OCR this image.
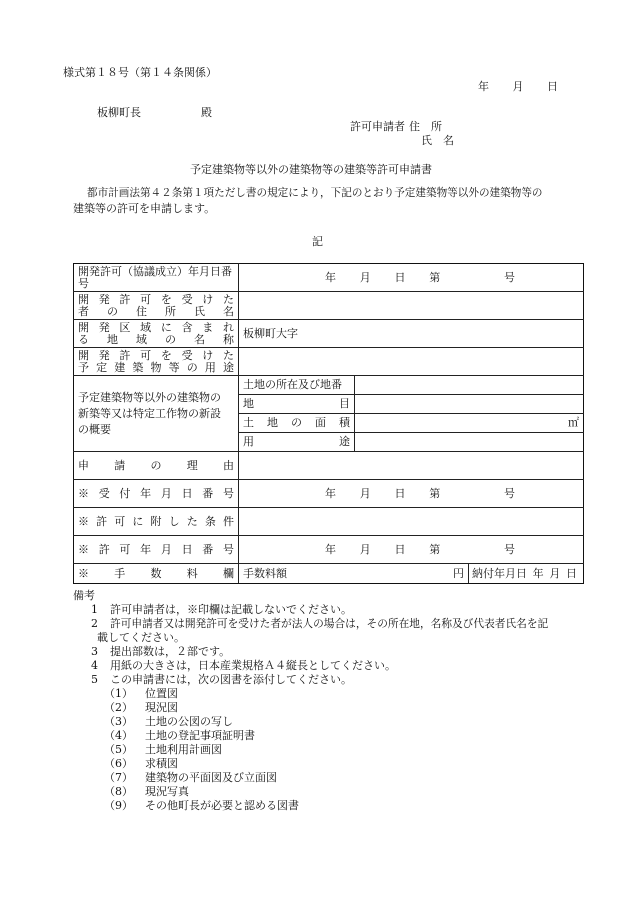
様式第１８号（第１４条関係）
年 月 日
板柳町長	殿
許可申請者 住　所
氏　名
予定建築物等以外の建築物等の建築等許可申請書
都市計画法第４２条第１項ただし書の規定により，下記のとおり予定建築物等以外の建築物等の
建築等の許可を申請します。
記
開発許可（協議成立）年月日番号	年 月 日 第 号		

開発許可を受けた
者の住所氏名			

開発区域に含まれ
る地域の名称	板柳町大字		

開発許可を受けた
予定建築物等の用途			

予定建築物等以外の建築物の
新築等又は特定工作物の新設
の概要	土地の所在及び地番		

	地目		

	土地の面積	㎡	

	用途		

申請の理由			

※受付年月日番号	年 月 日 第 号		

※許可に附した条件			

※許可年月日番号	年 月 日 第 号		

※手数料欄	手数料額 円		納付年月日 年 月 日
備考
1 許可申請者は，※印欄は記載しないでください。
2 許可申請者又は開発許可を受けた者が法人の場合は，その所在地，名称及び代表者氏名を記
載してください。
3 提出部数は，２部です。
4 用紙の大きさは，日本産業規格Ａ４縦長としてください。
5 この申請書には，次の図書を添付してください。
（1） 位置図
（2） 現況図
（3） 土地の公図の写し
（4） 土地の登記事項証明書
（5） 土地利用計画図
（6） 求積図
（7） 建築物の平面図及び立面図
（8） 現況写真
（9） その他町長が必要と認める図書
